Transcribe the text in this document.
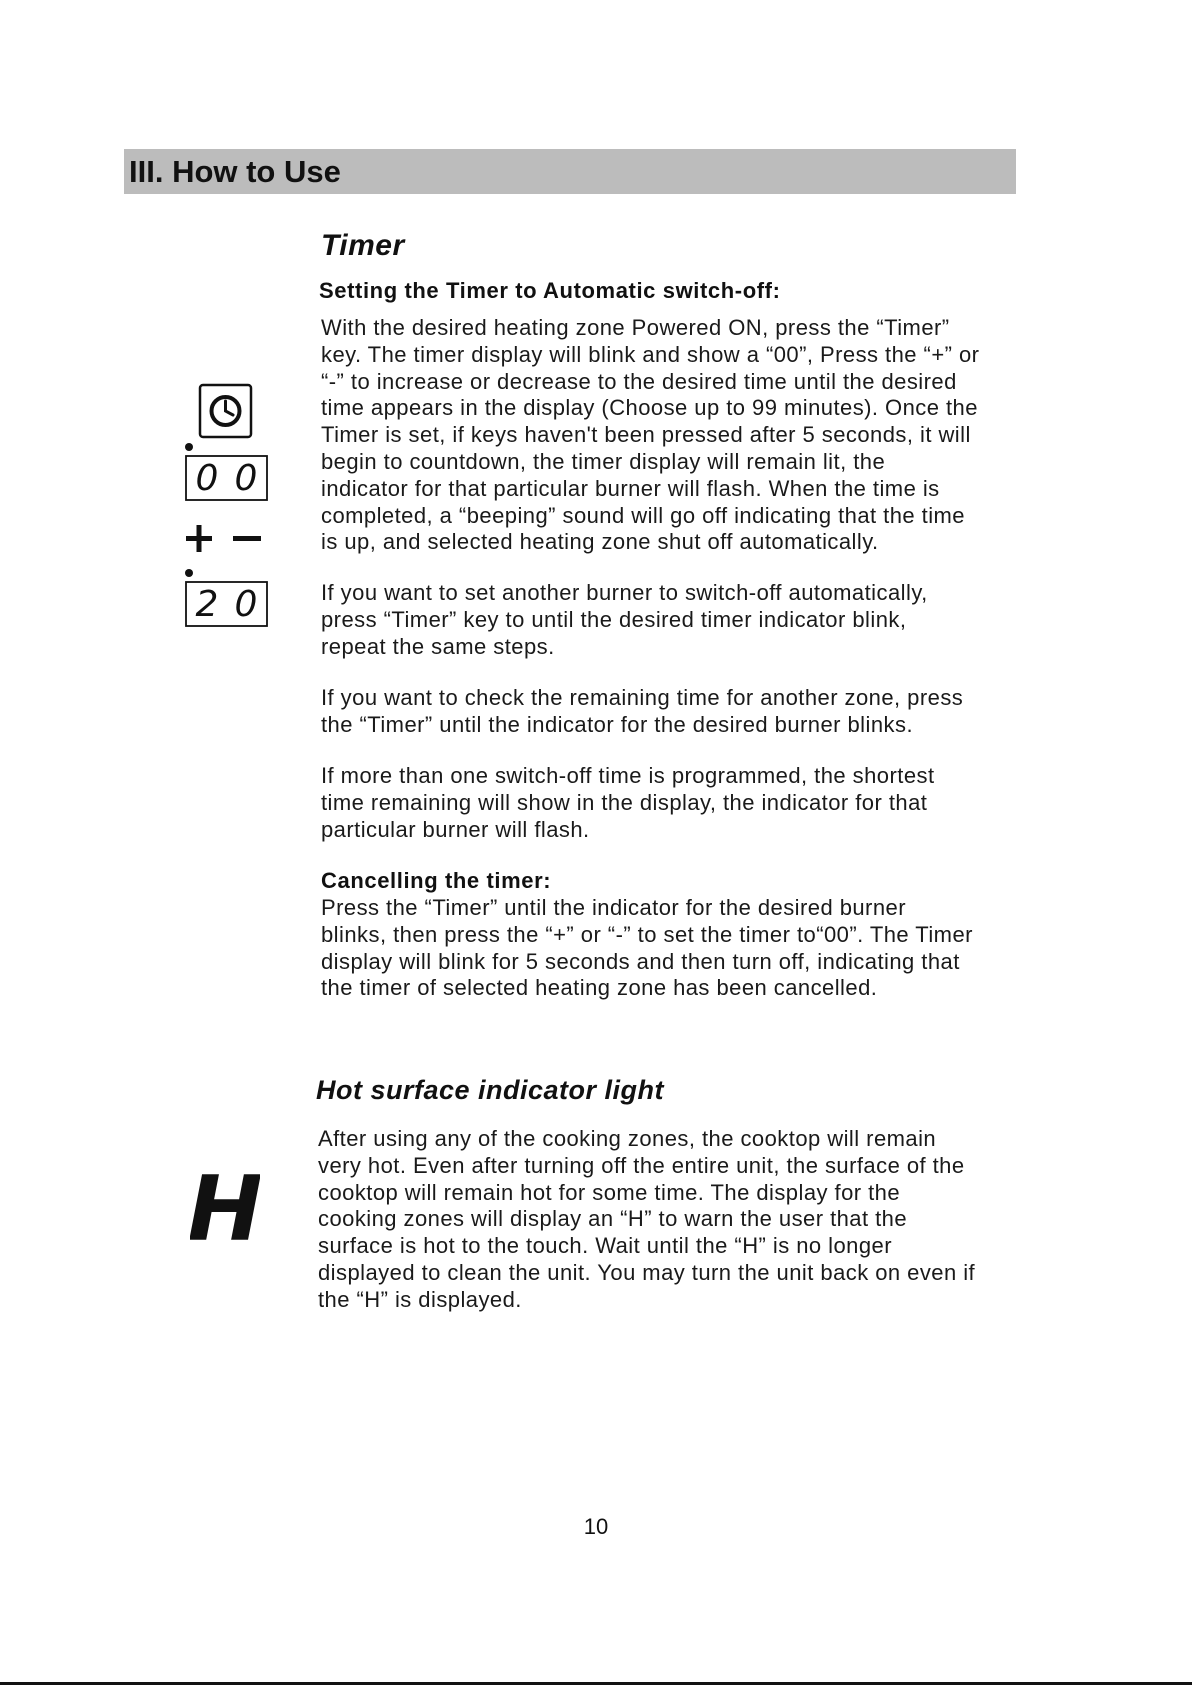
III. How to Use
Timer
Setting the Timer to Automatic switch-off:
With the desired heating zone Powered ON, press the “Timer”
key. The timer display will blink and show a “00”, Press the “+” or
“-” to increase or decrease to the desired time until the desired
time appears in the display (Choose up to 99 minutes). Once the
Timer is set, if keys haven't been pressed after 5 seconds, it will
begin to countdown, the timer display will remain lit, the
indicator for that particular burner will flash. When the time is
completed, a “beeping” sound will go off indicating that the time
is up, and selected heating zone shut off automatically.
If you want to set another burner to switch-off automatically,
press “Timer” key to until the desired timer indicator blink,
repeat the same steps.
If you want to check the remaining time for another zone, press
the “Timer” until the indicator for the desired burner blinks.
If more than one switch-off time is programmed, the shortest
time remaining will show in the display, the indicator for that
particular burner will flash.
Cancelling the timer:
Press the “Timer” until the indicator for the desired burner
blinks, then press the “+” or “-” to set the timer to“00”. The Timer
display will blink for 5 seconds and then turn off, indicating that
the timer of selected heating zone has been cancelled.
Hot surface indicator light
After using any of the cooking zones, the cooktop will remain
very hot. Even after turning off the entire unit, the surface of the
cooktop will remain hot for some time. The display for the
cooking zones will display an “H” to warn the user that the
surface is hot to the touch. Wait until the “H” is no longer
displayed to clean the unit. You may turn the unit back on even if
the “H” is displayed.
0 0
2 0
H
10
